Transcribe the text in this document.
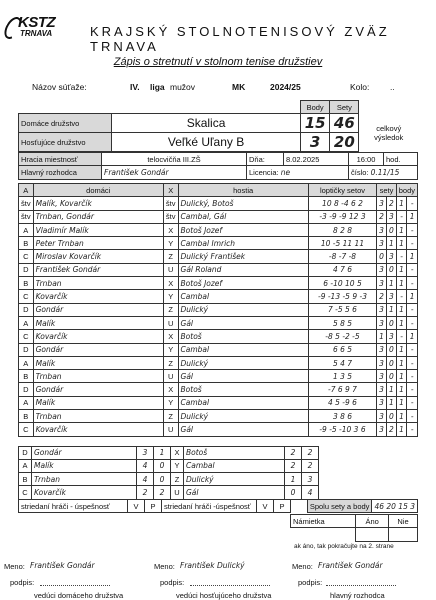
KSTZ
TRNAVA	KRAJSKÝ STOLNOTENISOVÝ ZVÄZ TRNAVA
Zápis o stretnutí v stolnom tenise družstiev
Názov súťaže:	IV. liga mužov	MK	2024/25	Kolo: ..
		Body	Sety	
Domáce družstvo	Skalica	15	46	celkový výsledok
Hosťujúce družstvo	Veľké Uľany B	3	20	
Hracia miestnosť	telocvičňa III.ZŠ	Dňa:	8.02.2025	16:00	hod.
Hlavný rozhodca	František Gondár	Licencia: ne		číslo: 0.11/15	
A	domáci	X	hostia	loptičky setov	sety		body	
štv	Malík, Kovarčík	štv	Dulický, Botoš	10 8 -4 6 2	3	2	1	-
štv	Trnban, Gondár	štv	Cambal, Gál	-3 -9 -9 12 3	2	3	-	1
A	Vladimír Malík	X	Botoš Jozef	8 2 8	3	0	1	-
B	Peter Trnban	Y	Cambal Imrich	10 -5 11 11	3	1	1	-
C	Miroslav Kovarčík	Z	Dulický František	-8 -7 -8	0	3	-	1
D	František Gondár	U	Gál Roland	4 7 6	3	0	1	-
B	Trnban	X	Botoš Jozef	6 -10 10 5	3	1	1	-
C	Kovarčík	Y	Cambal	-9 -13 -5 9 -3	2	3	-	1
D	Gondár	Z	Dulický	7 -5 5 6	3	1	1	-
A	Malík	U	Gál	5 8 5	3	0	1	-
C	Kovarčík	X	Botoš	-8 5 -2 -5	1	3	-	1
D	Gondár	Y	Cambal	6 6 5	3	0	1	-
A	Malík	Z	Dulický	5 4 7	3	0	1	-
B	Trnban	U	Gál	1 3 5	3	0	1	-
D	Gondár	X	Botoš	-7 6 9 7	3	1	1	-
A	Malík	Y	Cambal	4 5 -9 6	3	1	1	-
B	Trnban	Z	Dulický	3 8 6	3	0	1	-
C	Kovarčík	U	Gál	-9 -5 -10 3 6	3	2	1	-

D	Gondár	3	1	X	Botoš	2	2	
A	Malík	4	0	Y	Cambal	2	2	
B	Trnban	4	0	Z	Dulický	1	3	
C	Kovarčík	2	2	U	Gál	0	4	
striedaní hráči - úspešnosť	V	P	striedaní hráči -úspešnosť	V	P		Spolu sety a body	46 20 15 3
Námietka	Áno	Nie

ak áno, tak pokračujte na 2. strane
Meno: František Gondár
podpis:
vedúci domáceho družstva
Meno: František Dulický
podpis:
vedúci hosťujúceho družstva
Meno: František Gondár
podpis:
hlavný rozhodca
